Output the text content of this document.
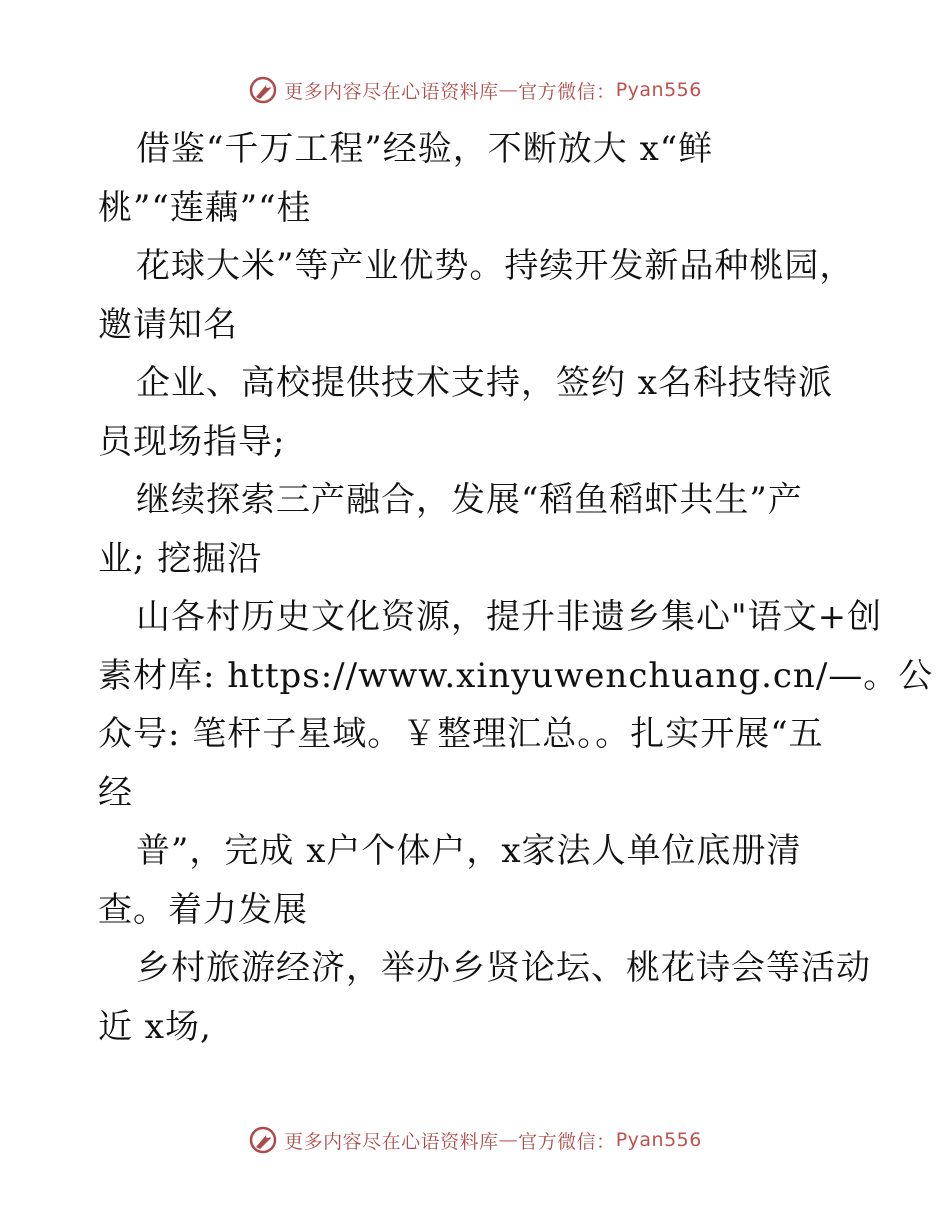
更多内容尽在心语资料库 — 官方微信： Pyan556
借鉴“千万工程”经验，不断放大 x“鲜
桃”“莲藕”“桂
花球大米”等产业优势。持续开发新品种桃园，
邀请知名
企业、高校提供技术支持，签约 x名科技特派
员现场指导;
继续探索三产融合，发展“稻鱼稻虾共生”产
业; 挖掘沿
山各村历史文化资源，提升非遗乡集心"语文+创
素材库: https://www.xinyuwenchuang.cn/—。公
众号: 笔杆子星域。￥整理汇总。。扎实开展“五
经
普”，完成 x户个体户，x家法人单位底册清
查。着力发展
乡村旅游经济，举办乡贤论坛、桃花诗会等活动
近 x场,
更多内容尽在心语资料库 — 官方微信： Pyan556
